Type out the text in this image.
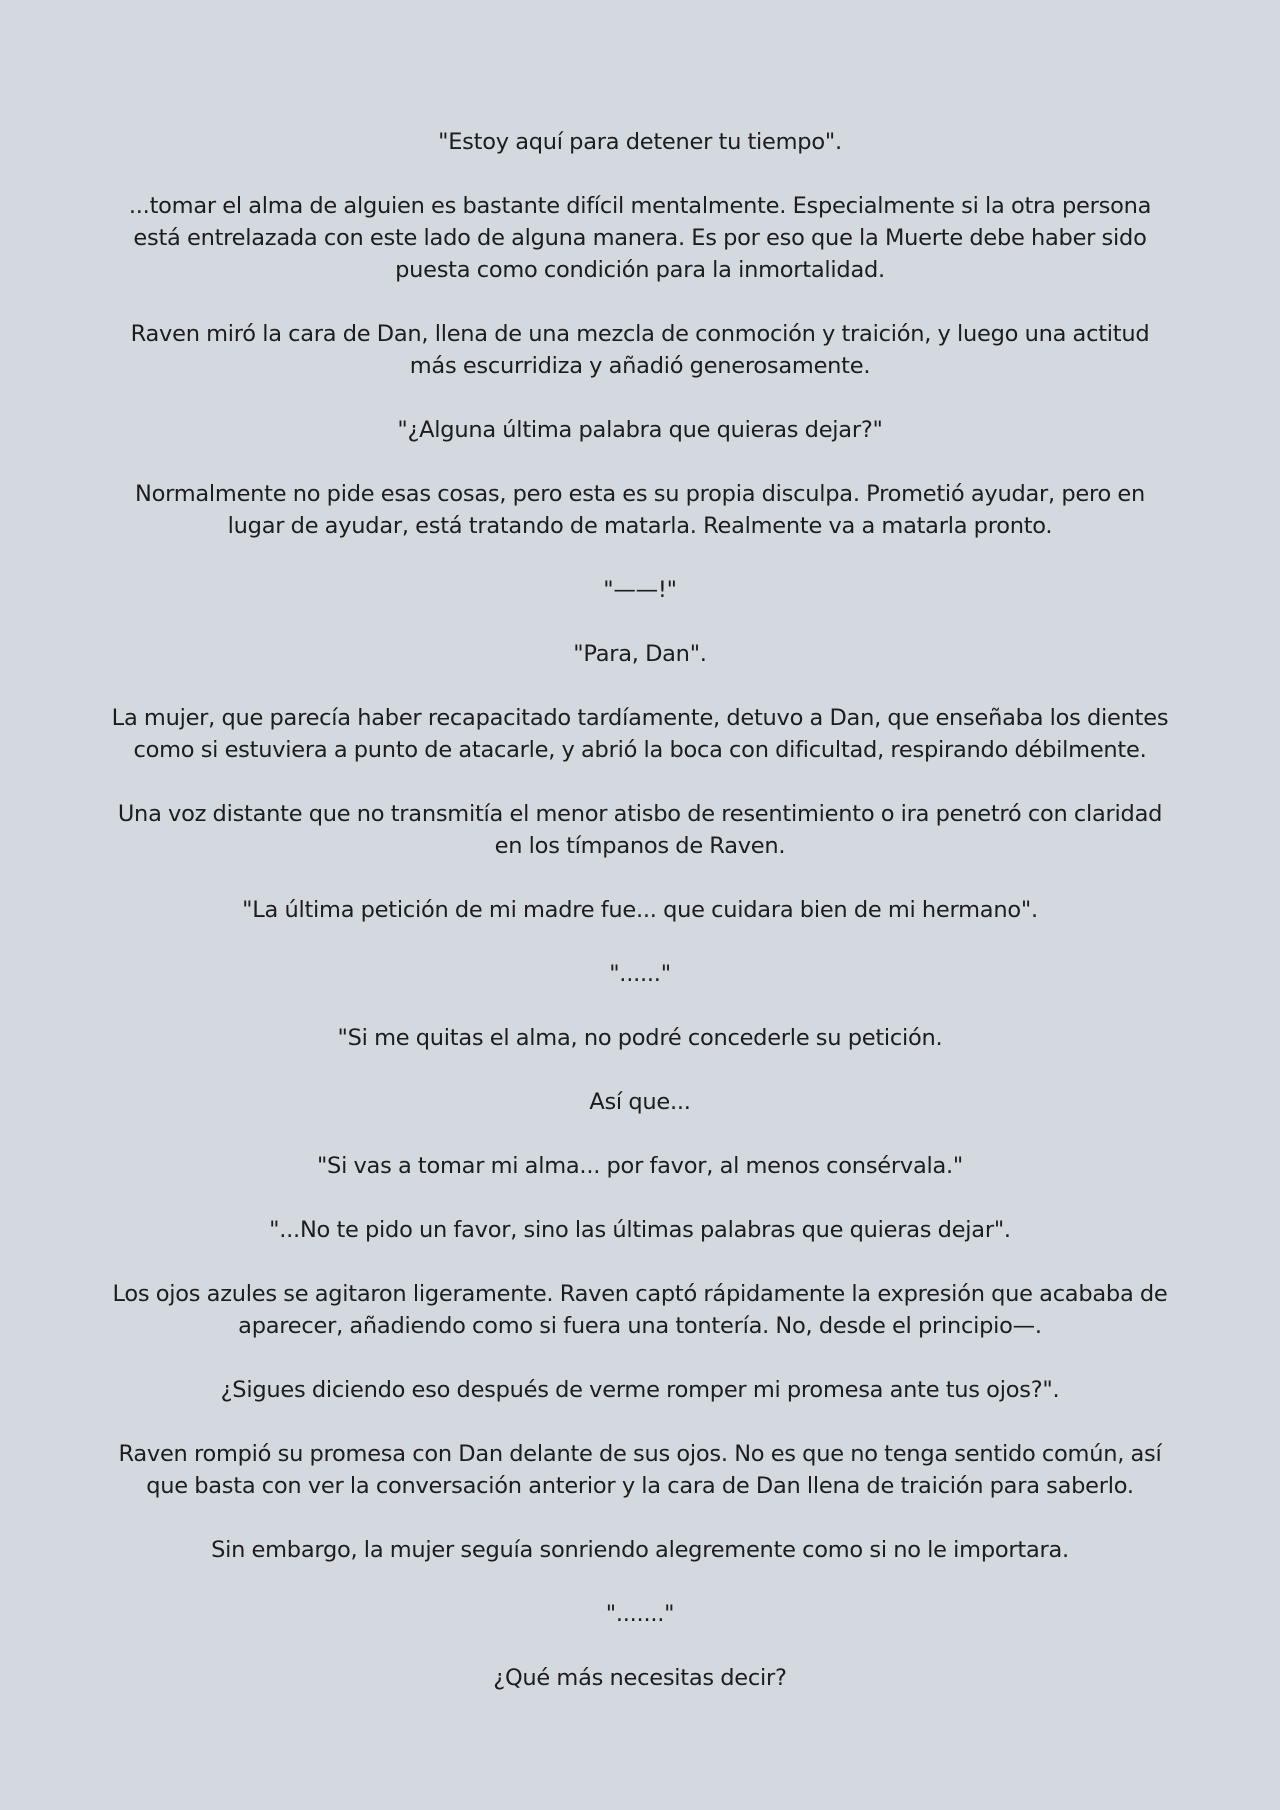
"Estoy aquí para detener tu tiempo".

...tomar el alma de alguien es bastante difícil mentalmente. Especialmente si la otra persona está entrelazada con este lado de alguna manera. Es por eso que la Muerte debe haber sido puesta como condición para la inmortalidad.

Raven miró la cara de Dan, llena de una mezcla de conmoción y traición, y luego una actitud más escurridiza y añadió generosamente.

"¿Alguna última palabra que quieras dejar?"

Normalmente no pide esas cosas, pero esta es su propia disculpa. Prometió ayudar, pero en lugar de ayudar, está tratando de matarla. Realmente va a matarla pronto.

"——!"

"Para, Dan".

La mujer, que parecía haber recapacitado tardíamente, detuvo a Dan, que enseñaba los dientes como si estuviera a punto de atacarle, y abrió la boca con dificultad, respirando débilmente.

Una voz distante que no transmitía el menor atisbo de resentimiento o ira penetró con claridad en los tímpanos de Raven.

"La última petición de mi madre fue... que cuidara bien de mi hermano".

"......"

"Si me quitas el alma, no podré concederle su petición.

Así que...

"Si vas a tomar mi alma... por favor, al menos consérvala."

"...No te pido un favor, sino las últimas palabras que quieras dejar".

Los ojos azules se agitaron ligeramente. Raven captó rápidamente la expresión que acababa de aparecer, añadiendo como si fuera una tontería. No, desde el principio—.

¿Sigues diciendo eso después de verme romper mi promesa ante tus ojos?".

Raven rompió su promesa con Dan delante de sus ojos. No es que no tenga sentido común, así que basta con ver la conversación anterior y la cara de Dan llena de traición para saberlo.

Sin embargo, la mujer seguía sonriendo alegremente como si no le importara.

"......."

¿Qué más necesitas decir?
